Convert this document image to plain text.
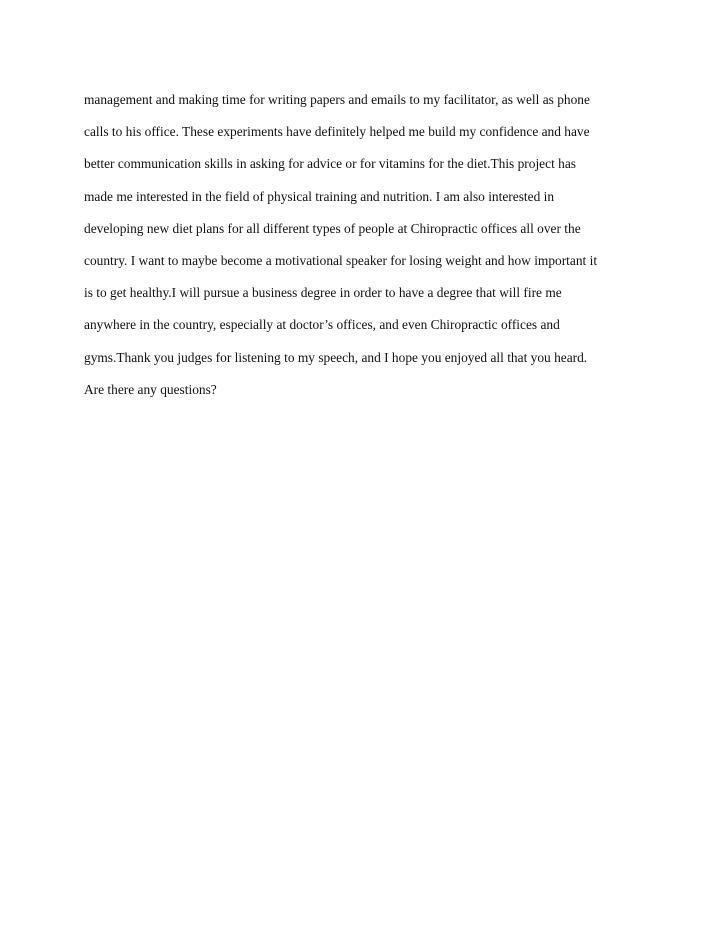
management and making time for writing papers and emails to my facilitator, as well as phone
calls to his office. These experiments have definitely helped me build my confidence and have
better communication skills in asking for advice or for vitamins for the diet.This project has
made me interested in the field of physical training and nutrition. I am also interested in
developing new diet plans for all different types of people at Chiropractic offices all over the
country. I want to maybe become a motivational speaker for losing weight and how important it
is to get healthy.I will pursue a business degree in order to have a degree that will fire me
anywhere in the country, especially at doctor’s offices, and even Chiropractic offices and
gyms.Thank you judges for listening to my speech, and I hope you enjoyed all that you heard.
Are there any questions?
